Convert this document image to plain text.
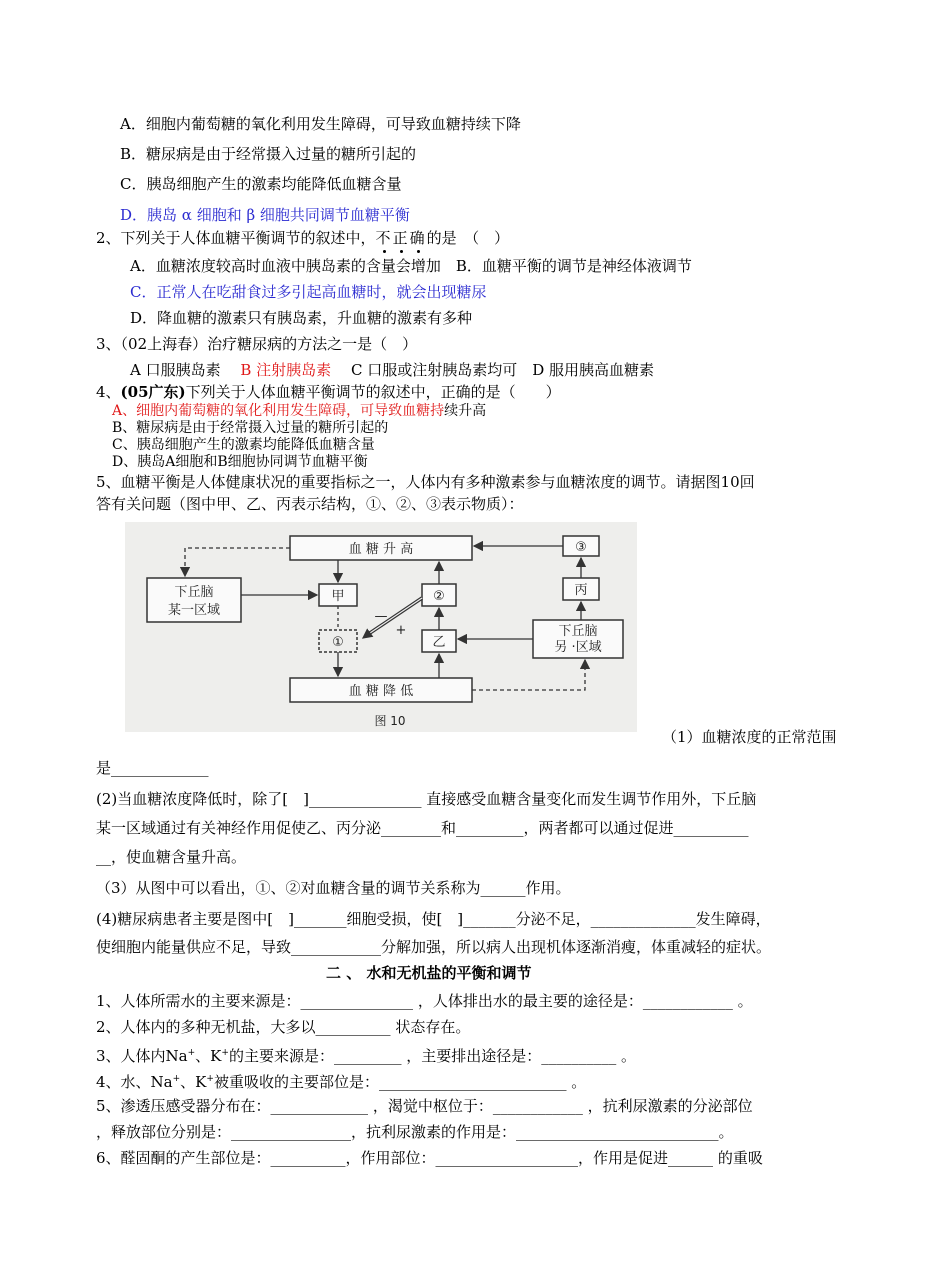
A．细胞内葡萄糖的氧化利用发生障碍，可导致血糖持续下降
B．糖尿病是由于经常摄入过量的糖所引起的
C．胰岛细胞产生的激素均能降低血糖含量
D．胰岛 α 细胞和 β 细胞共同调节血糖平衡
2、下列关于人体血糖平衡调节的叙述中，不正确的是　（　）
A．血糖浓度较高时血液中胰岛素的含量会增加　B．血糖平衡的调节是神经体液调节
C．正常人在吃甜食过多引起高血糖时，就会出现糖尿
D．降血糖的激素只有胰岛素，升血糖的激素有多种
3、（02上海春）治疗糖尿病的方法之一是（　）
A 口服胰岛素　 B 注射胰岛素　 C 口服或注射胰岛素均可　 D 服用胰高血糖素
4、(05广东)下列关于人体血糖平衡调节的叙述中，正确的是（　　）
A、细胞内葡萄糖的氧化利用发生障碍，可导致血糖持续升高
B、糖尿病是由于经常摄入过量的糖所引起的
C、胰岛细胞产生的激素均能降低血糖含量
D、胰岛A细胞和B细胞协同调节血糖平衡
5、血糖平衡是人体健康状况的重要指标之一，人体内有多种激素参与血糖浓度的调节。请据图10回
答有关问题（图中甲、乙、丙表示结构，①、②、③表示物质）：
血 糖 升 高
血 糖 降 低
下丘脑
某一区域
甲
①
②
乙
③
丙
下丘脑
另 ·区域
—
+
图 10
（1）血糖浓度的正常范围
是_____________
(2)当血糖浓度降低时，除了[　]_______________ 直接感受血糖含量变化而发生调节作用外，下丘脑
某一区域通过有关神经作用促使乙、丙分泌________和_________，两者都可以通过促进__________
__，使血糖含量升高。
（3）从图中可以看出，①、②对血糖含量的调节关系称为______作用。
(4)糖尿病患者主要是图中[　]_______细胞受损，使[　]_______分泌不足，______________发生障碍，
使细胞内能量供应不足，导致____________分解加强，所以病人出现机体逐渐消瘦，体重减轻的症状。
二 、 水和无机盐的平衡和调节
1、人体所需水的主要来源是：_______________ ，人体排出水的最主要的途径是：____________ 。
2、人体内的多种无机盐，大多以__________ 状态存在。
3、人体内Na+、K+的主要来源是：_________ ，主要排出途径是：__________ 。
4、水、Na+、K+被重吸收的主要部位是：_________________________ 。
5、渗透压感受器分布在：_____________ ，渴觉中枢位于：____________ ，抗利尿激素的分泌部位
，释放部位分别是：________________，抗利尿激素的作用是：___________________________。
6、醛固酮的产生部位是：__________，作用部位：___________________，作用是促进______ 的重吸
